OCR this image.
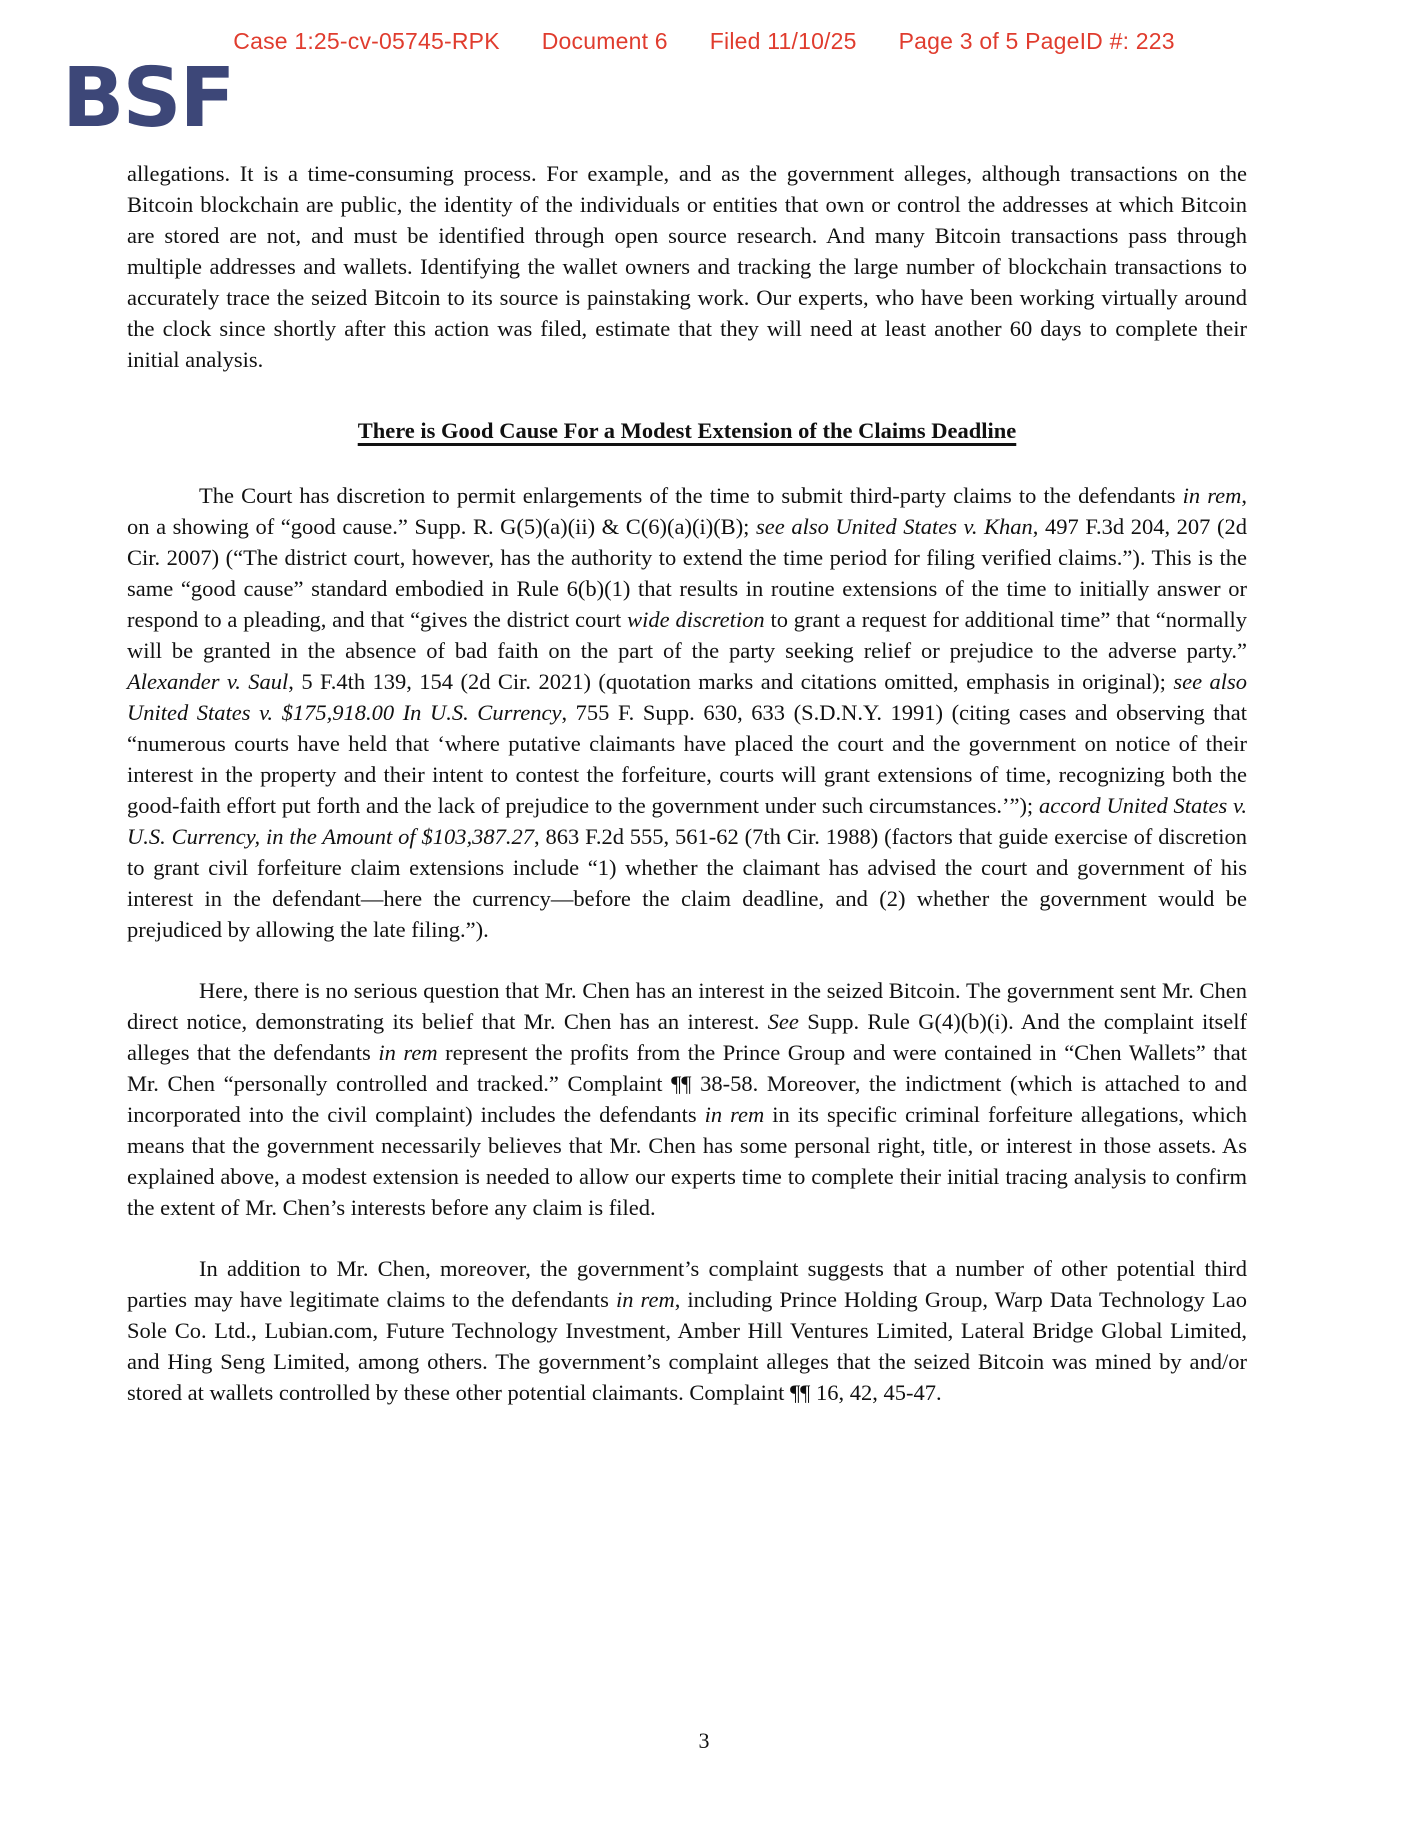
Case 1:25-cv-05745-RPK Document 6 Filed 11/10/25 Page 3 of 5 PageID #: 223
BSF

allegations. It is a time-consuming process. For example, and as the government alleges, although transactions on the Bitcoin blockchain are public, the identity of the individuals or entities that own or control the addresses at which Bitcoin are stored are not, and must be identified through open source research. And many Bitcoin transactions pass through multiple addresses and wallets. Identifying the wallet owners and tracking the large number of blockchain transactions to accurately trace the seized Bitcoin to its source is painstaking work. Our experts, who have been working virtually around the clock since shortly after this action was filed, estimate that they will need at least another 60 days to complete their initial analysis.

There is Good Cause For a Modest Extension of the Claims Deadline

The Court has discretion to permit enlargements of the time to submit third-party claims to the defendants in rem, on a showing of “good cause.” Supp. R. G(5)(a)(ii) & C(6)(a)(i)(B); see also United States v. Khan, 497 F.3d 204, 207 (2d Cir. 2007) (“The district court, however, has the authority to extend the time period for filing verified claims.”). This is the same “good cause” standard embodied in Rule 6(b)(1) that results in routine extensions of the time to initially answer or respond to a pleading, and that “gives the district court wide discretion to grant a request for additional time” that “normally will be granted in the absence of bad faith on the part of the party seeking relief or prejudice to the adverse party.” Alexander v. Saul, 5 F.4th 139, 154 (2d Cir. 2021) (quotation marks and citations omitted, emphasis in original); see also United States v. $175,918.00 In U.S. Currency, 755 F. Supp. 630, 633 (S.D.N.Y. 1991) (citing cases and observing that “numerous courts have held that ‘where putative claimants have placed the court and the government on notice of their interest in the property and their intent to contest the forfeiture, courts will grant extensions of time, recognizing both the good-faith effort put forth and the lack of prejudice to the government under such circumstances.’”); accord United States v. U.S. Currency, in the Amount of $103,387.27, 863 F.2d 555, 561-62 (7th Cir. 1988) (factors that guide exercise of discretion to grant civil forfeiture claim extensions include “1) whether the claimant has advised the court and government of his interest in the defendant—here the currency—before the claim deadline, and (2) whether the government would be prejudiced by allowing the late filing.”).

Here, there is no serious question that Mr. Chen has an interest in the seized Bitcoin. The government sent Mr. Chen direct notice, demonstrating its belief that Mr. Chen has an interest. See Supp. Rule G(4)(b)(i). And the complaint itself alleges that the defendants in rem represent the profits from the Prince Group and were contained in “Chen Wallets” that Mr. Chen “personally controlled and tracked.” Complaint ¶¶ 38-58. Moreover, the indictment (which is attached to and incorporated into the civil complaint) includes the defendants in rem in its specific criminal forfeiture allegations, which means that the government necessarily believes that Mr. Chen has some personal right, title, or interest in those assets. As explained above, a modest extension is needed to allow our experts time to complete their initial tracing analysis to confirm the extent of Mr. Chen’s interests before any claim is filed.

In addition to Mr. Chen, moreover, the government’s complaint suggests that a number of other potential third parties may have legitimate claims to the defendants in rem, including Prince Holding Group, Warp Data Technology Lao Sole Co. Ltd., Lubian.com, Future Technology Investment, Amber Hill Ventures Limited, Lateral Bridge Global Limited, and Hing Seng Limited, among others. The government’s complaint alleges that the seized Bitcoin was mined by and/or stored at wallets controlled by these other potential claimants. Complaint ¶¶ 16, 42, 45-47.

3
